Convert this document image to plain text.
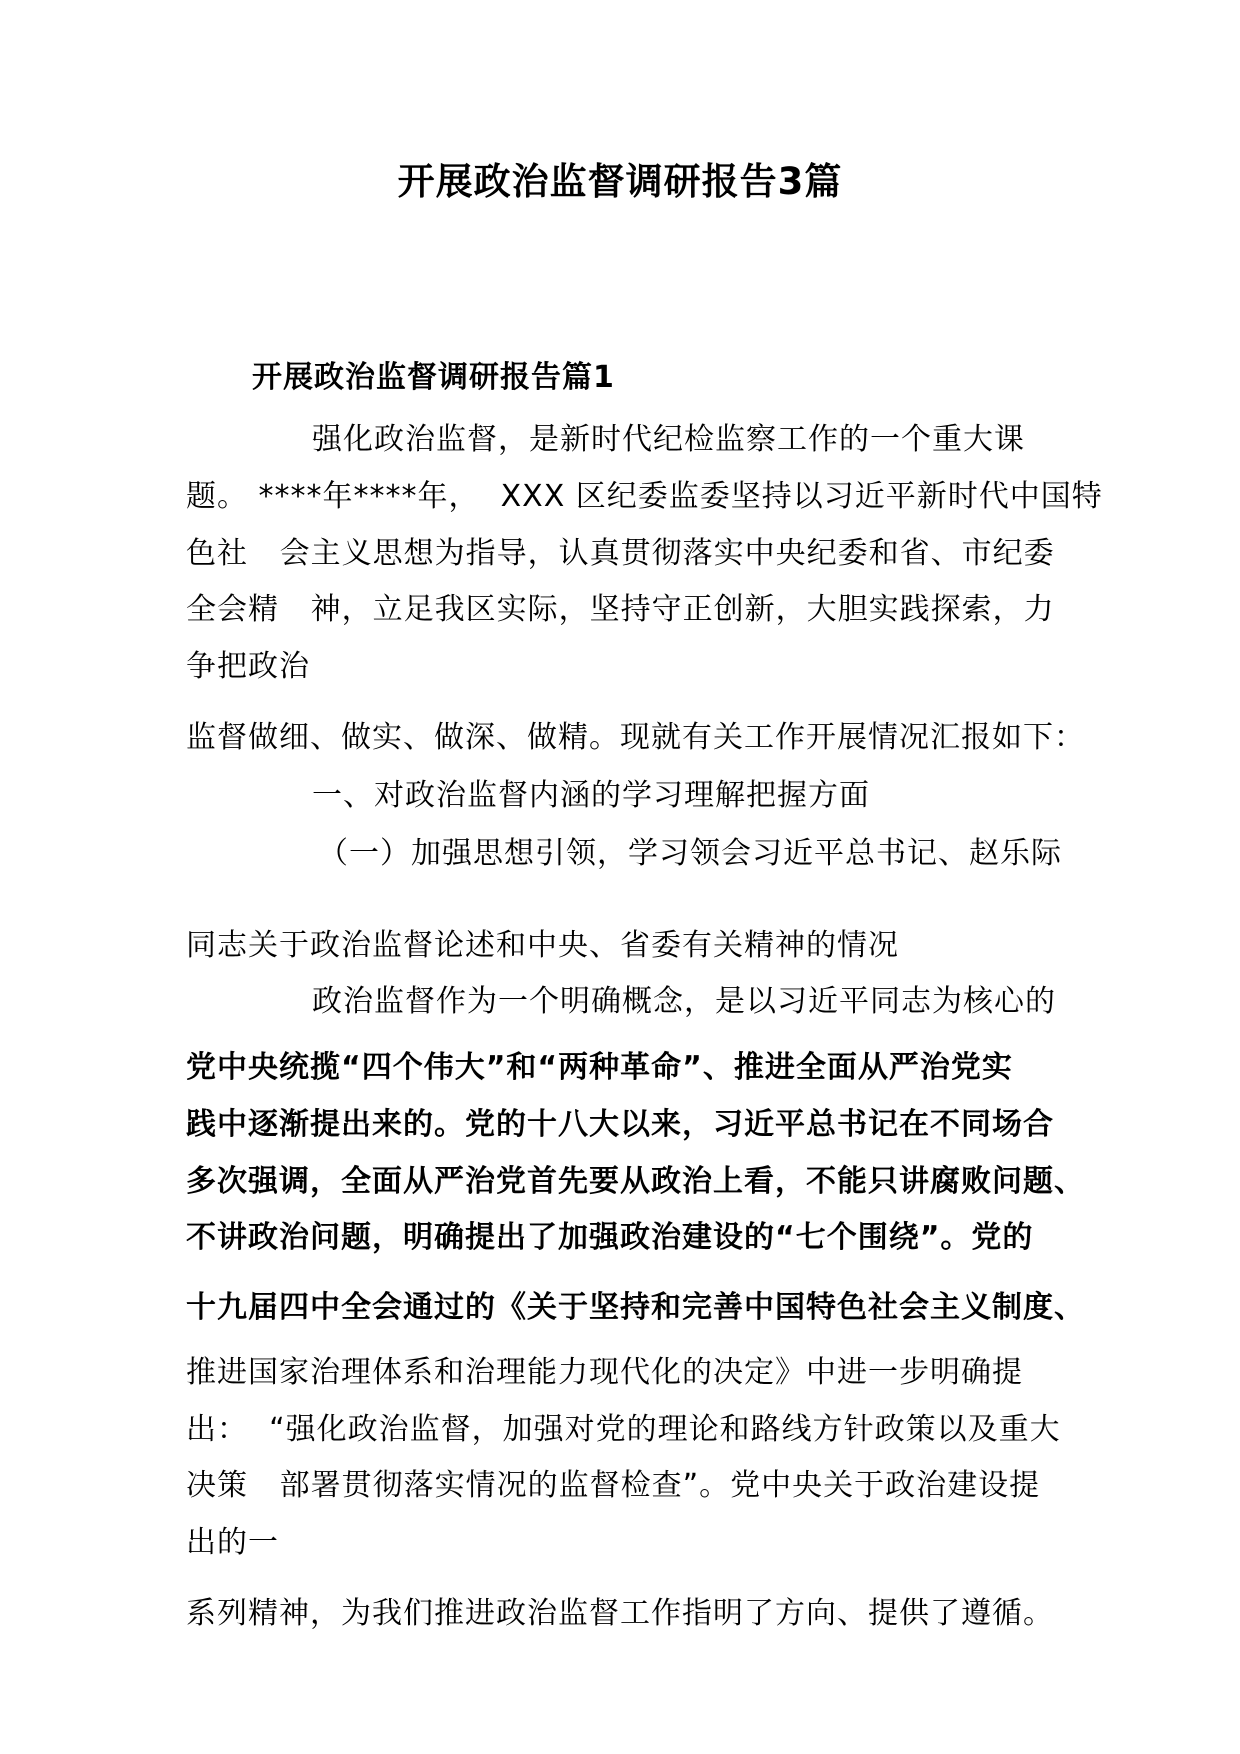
开展政治监督调研报告3篇
开展政治监督调研报告篇1
强化政治监督，是新时代纪检监察工作的一个重大课
题。 ****年****年，  XXX 区纪委监委坚持以习近平新时代中国特
色社   会主义思想为指导，认真贯彻落实中央纪委和省、市纪委
全会精   神，立足我区实际，坚持守正创新，大胆实践探索，力
争把政治
监督做细、做实、做深、做精。现就有关工作开展情况汇报如下：
一、对政治监督内涵的学习理解把握方面
（一）加强思想引领，学习领会习近平总书记、赵乐际
同志关于政治监督论述和中央、省委有关精神的情况
政治监督作为一个明确概念，是以习近平同志为核心的
党中央统揽“四个伟大”和“两种革命”、推进全面从严治党实
践中逐渐提出来的。党的十八大以来，习近平总书记在不同场合
多次强调，全面从严治党首先要从政治上看，不能只讲腐败问题、
不讲政治问题，明确提出了加强政治建设的“七个围绕”。党的
十九届四中全会通过的《关于坚持和完善中国特色社会主义制度、
推进国家治理体系和治理能力现代化的决定》中进一步明确提
出：  “强化政治监督，加强对党的理论和路线方针政策以及重大
决策   部署贯彻落实情况的监督检查”。党中央关于政治建设提
出的一
系列精神，为我们推进政治监督工作指明了方向、提供了遵循。
